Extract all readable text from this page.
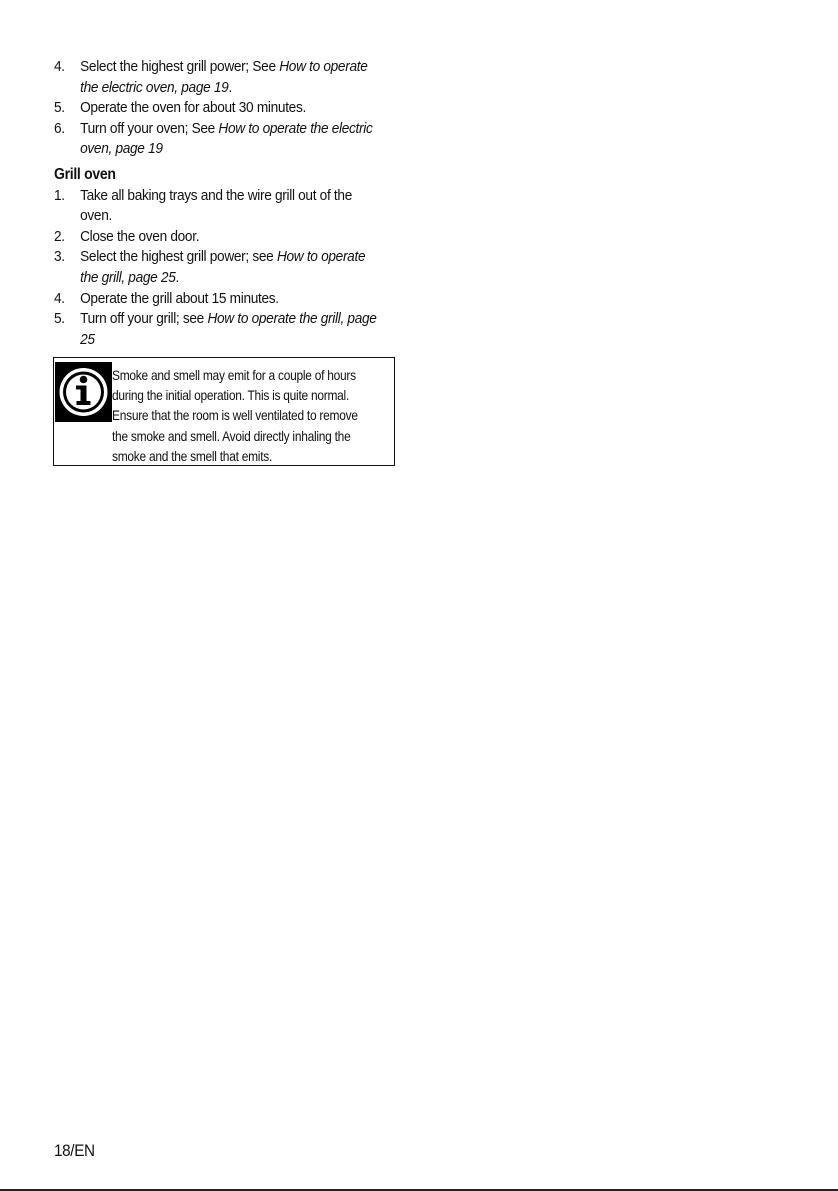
4. Select the highest grill power; See How to operate the electric oven, page 19.

5. Operate the oven for about 30 minutes.

6. Turn off your oven; See How to operate the electric oven, page 19

Grill oven

1. Take all baking trays and the wire grill out of the oven.

2. Close the oven door.

3. Select the highest grill power; see How to operate the grill, page 25.

4. Operate the grill about 15 minutes.

5. Turn off your grill; see How to operate the grill, page 25

Smoke and smell may emit for a couple of hours during the initial operation. This is quite normal. Ensure that the room is well ventilated to remove the smoke and smell. Avoid directly inhaling the smoke and the smell that emits.
18/EN
